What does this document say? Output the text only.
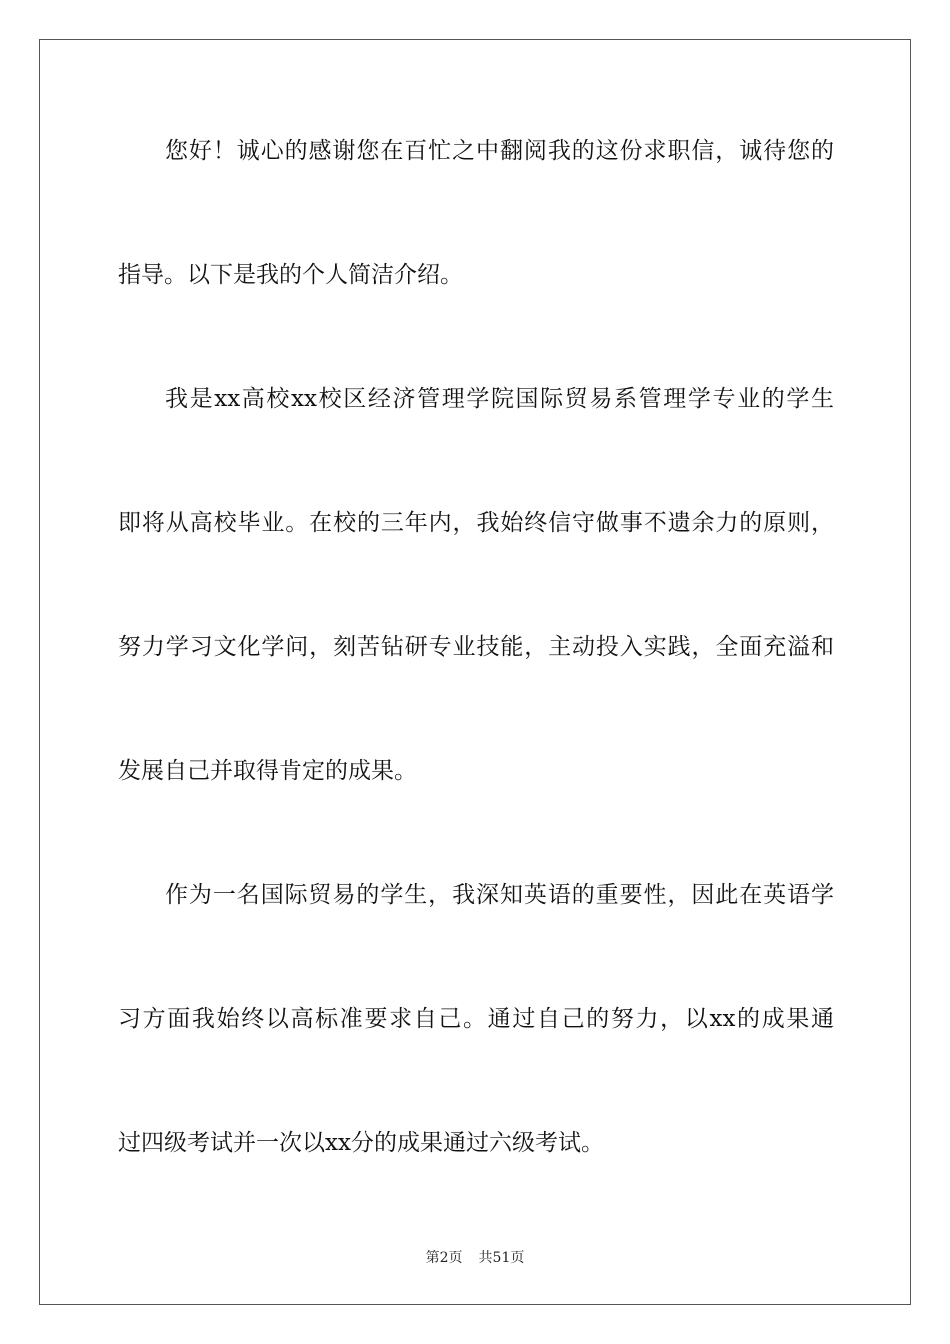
您好！诚心的感谢您在百忙之中翻阅我的这份求职信，诚待您的
指导。以下是我的个人简洁介绍。
我是xx高校xx校区经济管理学院国际贸易系管理学专业的学生
即将从高校毕业。在校的三年内，我始终信守做事不遗余力的原则，
努力学习文化学问，刻苦钻研专业技能，主动投入实践，全面充溢和
发展自己并取得肯定的成果。
作为一名国际贸易的学生，我深知英语的重要性，因此在英语学
习方面我始终以高标准要求自己。通过自己的努力，以xx的成果通
过四级考试并一次以xx分的成果通过六级考试。
第2页 共51页
